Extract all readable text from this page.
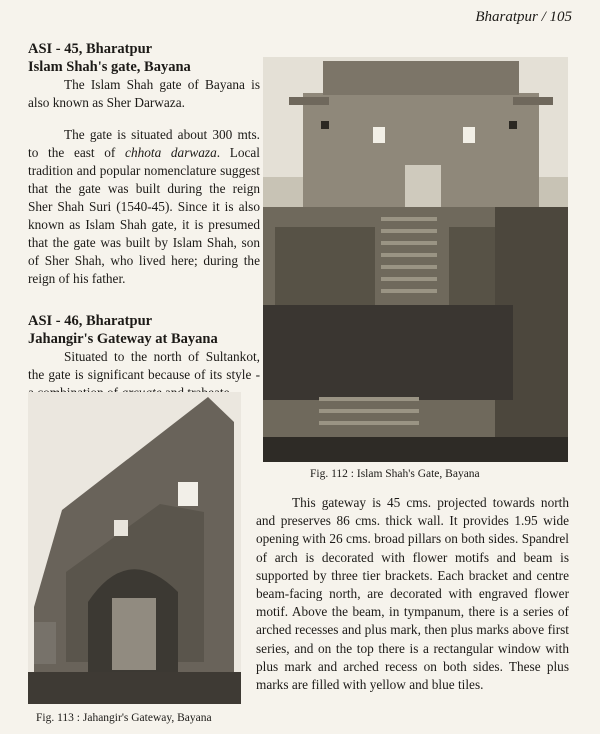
Bharatpur / 105
ASI - 45, Bharatpur
Islam Shah's gate, Bayana

The Islam Shah gate of Bayana is also known as Sher Darwaza.

The gate is situated about 300 mts. to the east of chhota darwaza. Local tradition and popular nomenclature suggest that the gate was built during the reign Sher Shah Suri (1540-45). Since it is also known as Islam Shah gate, it is presumed that the gate was built by Islam Shah, son of Sher Shah, who lived here; during the reign of his father.

ASI - 46, Bharatpur
Jahangir's Gateway at Bayana

Situated to the north of Sultankot, the gate is significant because of its style -

Fig. 112 : Islam Shah's Gate, Bayana
Fig. 113 : Jahangir's Gateway, Bayana

This gateway is 45 cms. projected towards north and preserves 86 cms. thick wall. It provides 1.95 wide opening with 26 cms. broad pillars on both sides. Spandrel of arch is decorated with flower motifs and beam is supported by three tier brackets. Each bracket and centre beam-facing north, are decorated with engraved flower motif. Above the beam, in tympanum, there is a series of arched recesses and plus mark, then plus marks above first series, and on the top there is a rectangular window with plus mark and arched recess on both sides. These plus marks are filled with yellow and blue tiles.
